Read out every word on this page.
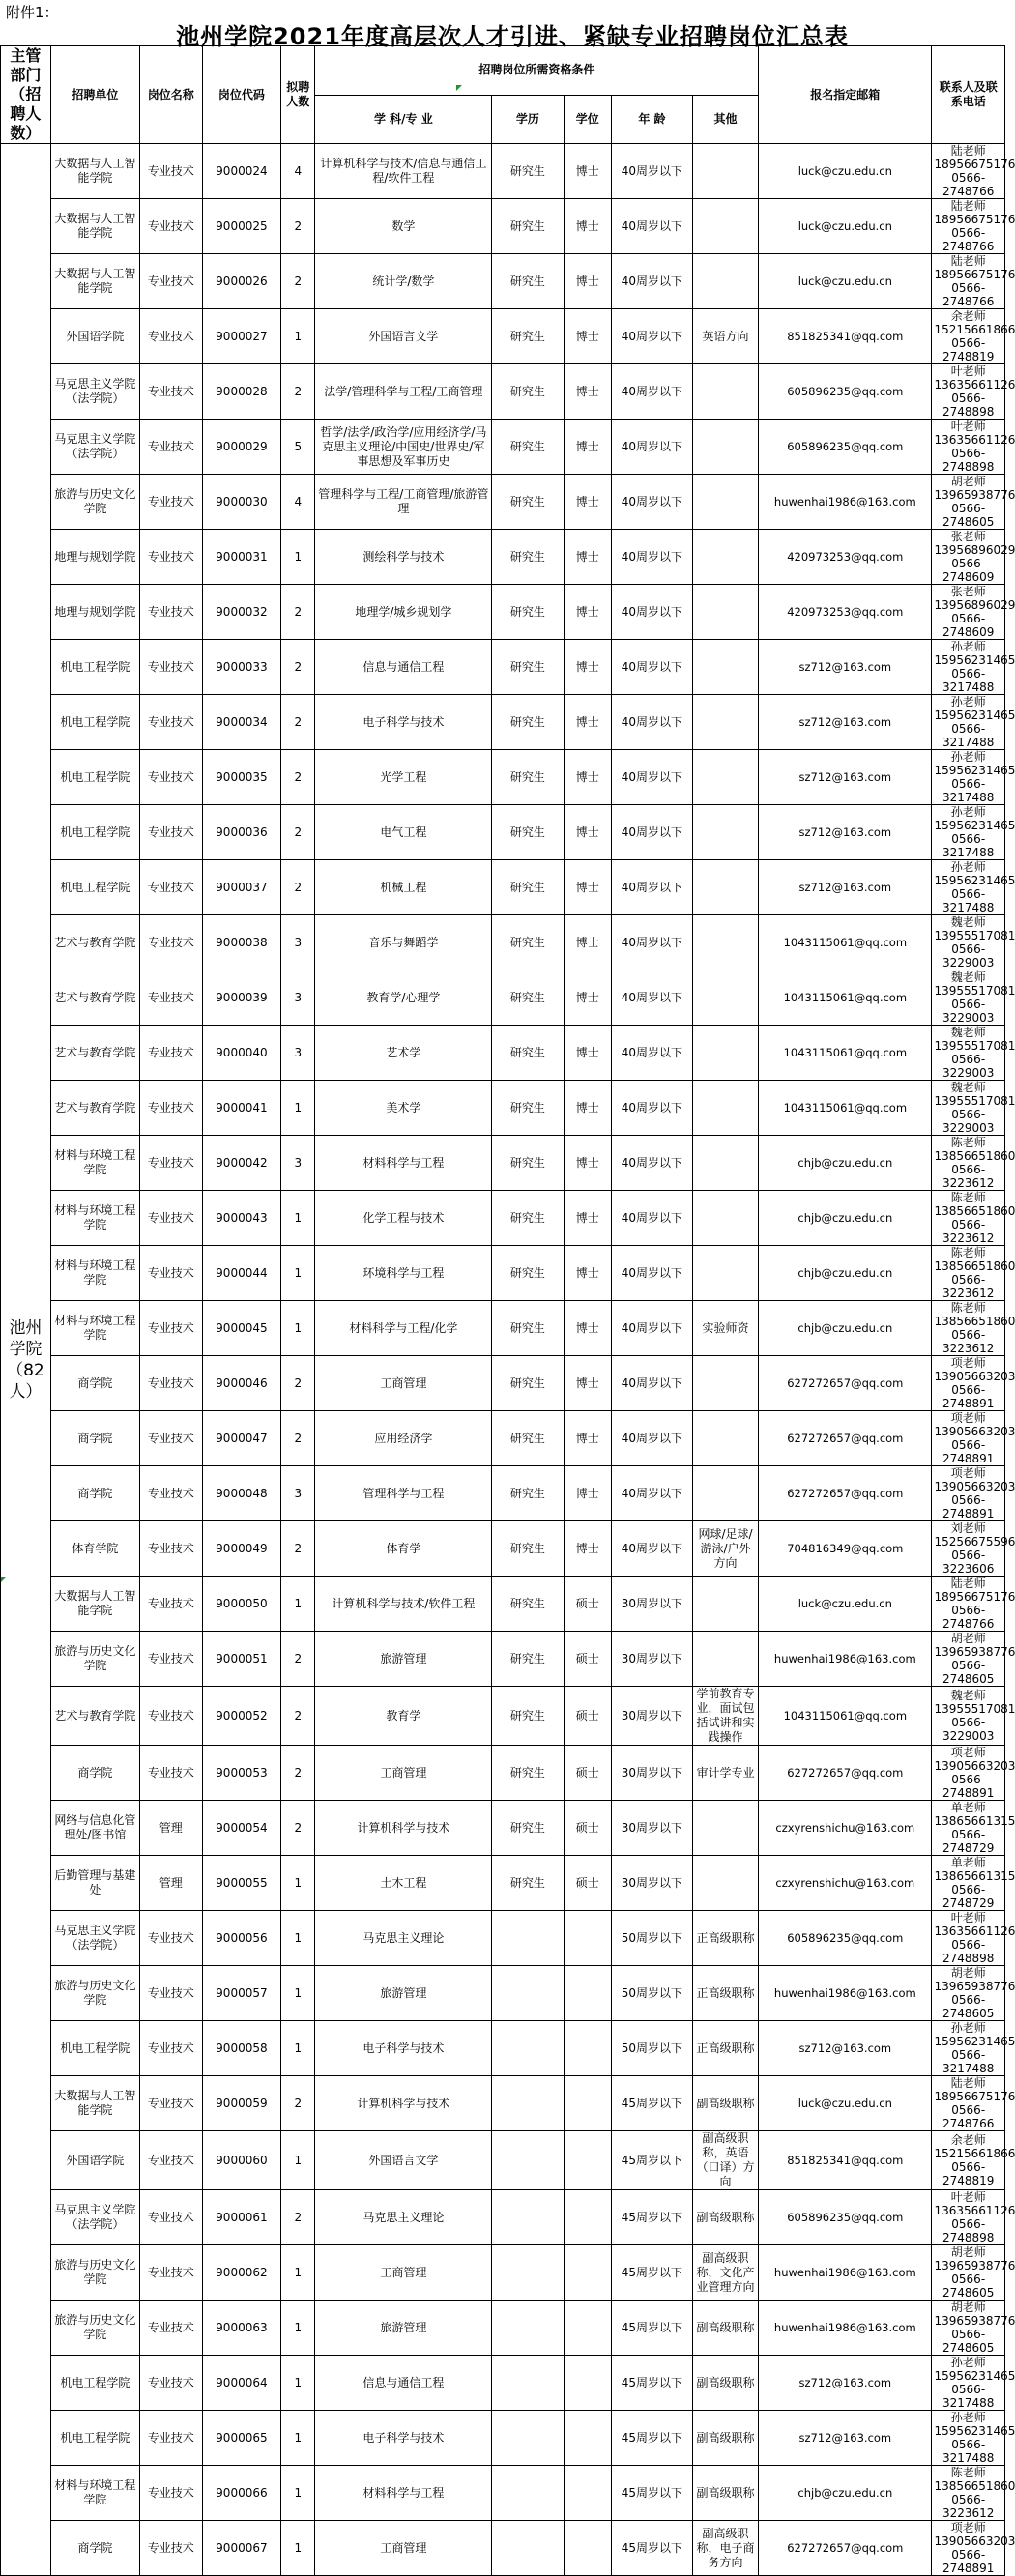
附件1：
池州学院2021年度高层次人才引进、紧缺专业招聘岗位汇总表
主管部门（招聘人数）	招聘单位	岗位名称	岗位代码	拟聘人数	招聘岗位所需资格条件					报名指定邮箱	联系人及联系电话
					学 科/专 业	学历	学位	年 龄	其他		
池州学院（82人）	大数据与人工智能学院	专业技术	9000024	4	计算机科学与技术/信息与通信工程/软件工程	研究生	博士	40周岁以下		luck@czu.edu.cn	陆老师
18956675176
0566-2748766

	大数据与人工智能学院	专业技术	9000025	2	数学	研究生	博士	40周岁以下		luck@czu.edu.cn	陆老师
18956675176
0566-2748766

	大数据与人工智能学院	专业技术	9000026	2	统计学/数学	研究生	博士	40周岁以下		luck@czu.edu.cn	陆老师
18956675176
0566-2748766

	外国语学院	专业技术	9000027	1	外国语言文学	研究生	博士	40周岁以下	英语方向	851825341@qq.com	余老师
15215661866
0566-2748819

	马克思主义学院（法学院）	专业技术	9000028	2	法学/管理科学与工程/工商管理	研究生	博士	40周岁以下		605896235@qq.com	叶老师
13635661126
0566-2748898

	马克思主义学院（法学院）	专业技术	9000029	5	哲学/法学/政治学/应用经济学/马克思主义理论/中国史/世界史/军事思想及军事历史	研究生	博士	40周岁以下		605896235@qq.com	叶老师
13635661126
0566-2748898

	旅游与历史文化学院	专业技术	9000030	4	管理科学与工程/工商管理/旅游管理	研究生	博士	40周岁以下		huwenhai1986@163.com	胡老师
13965938776
0566-2748605

	地理与规划学院	专业技术	9000031	1	测绘科学与技术	研究生	博士	40周岁以下		420973253@qq.com	张老师
13956896029
0566-2748609

	地理与规划学院	专业技术	9000032	2	地理学/城乡规划学	研究生	博士	40周岁以下		420973253@qq.com	张老师
13956896029
0566-2748609

	机电工程学院	专业技术	9000033	2	信息与通信工程	研究生	博士	40周岁以下		sz712@163.com	孙老师
15956231465
0566-3217488

	机电工程学院	专业技术	9000034	2	电子科学与技术	研究生	博士	40周岁以下		sz712@163.com	孙老师
15956231465
0566-3217488

	机电工程学院	专业技术	9000035	2	光学工程	研究生	博士	40周岁以下		sz712@163.com	孙老师
15956231465
0566-3217488

	机电工程学院	专业技术	9000036	2	电气工程	研究生	博士	40周岁以下		sz712@163.com	孙老师
15956231465
0566-3217488

	机电工程学院	专业技术	9000037	2	机械工程	研究生	博士	40周岁以下		sz712@163.com	孙老师
15956231465
0566-3217488

	艺术与教育学院	专业技术	9000038	3	音乐与舞蹈学	研究生	博士	40周岁以下		1043115061@qq.com	魏老师
13955517081
0566-3229003

	艺术与教育学院	专业技术	9000039	3	教育学/心理学	研究生	博士	40周岁以下		1043115061@qq.com	魏老师
13955517081
0566-3229003

	艺术与教育学院	专业技术	9000040	3	艺术学	研究生	博士	40周岁以下		1043115061@qq.com	魏老师
13955517081
0566-3229003

	艺术与教育学院	专业技术	9000041	1	美术学	研究生	博士	40周岁以下		1043115061@qq.com	魏老师
13955517081
0566-3229003

	材料与环境工程学院	专业技术	9000042	3	材料科学与工程	研究生	博士	40周岁以下		chjb@czu.edu.cn	陈老师
13856651860
0566-3223612

	材料与环境工程学院	专业技术	9000043	1	化学工程与技术	研究生	博士	40周岁以下		chjb@czu.edu.cn	陈老师
13856651860
0566-3223612

	材料与环境工程学院	专业技术	9000044	1	环境科学与工程	研究生	博士	40周岁以下		chjb@czu.edu.cn	陈老师
13856651860
0566-3223612

	材料与环境工程学院	专业技术	9000045	1	材料科学与工程/化学	研究生	博士	40周岁以下	实验师资	chjb@czu.edu.cn	陈老师
13856651860
0566-3223612

	商学院	专业技术	9000046	2	工商管理	研究生	博士	40周岁以下		627272657@qq.com	项老师
13905663203
0566-2748891

	商学院	专业技术	9000047	2	应用经济学	研究生	博士	40周岁以下		627272657@qq.com	项老师
13905663203
0566-2748891

	商学院	专业技术	9000048	3	管理科学与工程	研究生	博士	40周岁以下		627272657@qq.com	项老师
13905663203
0566-2748891

	体育学院	专业技术	9000049	2	体育学	研究生	博士	40周岁以下	网球/足球/游泳/户外方向	704816349@qq.com	刘老师
15256675596
0566-3223606

	大数据与人工智能学院	专业技术	9000050	1	计算机科学与技术/软件工程	研究生	硕士	30周岁以下		luck@czu.edu.cn	陆老师
18956675176
0566-2748766

	旅游与历史文化学院	专业技术	9000051	2	旅游管理	研究生	硕士	30周岁以下		huwenhai1986@163.com	胡老师
13965938776
0566-2748605

	艺术与教育学院	专业技术	9000052	2	教育学	研究生	硕士	30周岁以下	学前教育专业，面试包括试讲和实践操作	1043115061@qq.com	魏老师
13955517081
0566-3229003

	商学院	专业技术	9000053	2	工商管理	研究生	硕士	30周岁以下	审计学专业	627272657@qq.com	项老师
13905663203
0566-2748891

	网络与信息化管理处/图书馆	管理	9000054	2	计算机科学与技术	研究生	硕士	30周岁以下		czxyrenshichu@163.com	单老师
13865661315
0566-2748729

	后勤管理与基建处	管理	9000055	1	土木工程	研究生	硕士	30周岁以下		czxyrenshichu@163.com	单老师
13865661315
0566-2748729

	马克思主义学院（法学院）	专业技术	9000056	1	马克思主义理论			50周岁以下	正高级职称	605896235@qq.com	叶老师
13635661126
0566-2748898

	旅游与历史文化学院	专业技术	9000057	1	旅游管理			50周岁以下	正高级职称	huwenhai1986@163.com	胡老师
13965938776
0566-2748605

	机电工程学院	专业技术	9000058	1	电子科学与技术			50周岁以下	正高级职称	sz712@163.com	孙老师
15956231465
0566-3217488

	大数据与人工智能学院	专业技术	9000059	2	计算机科学与技术			45周岁以下	副高级职称	luck@czu.edu.cn	陆老师
18956675176
0566-2748766

	外国语学院	专业技术	9000060	1	外国语言文学			45周岁以下	副高级职称，英语（口译）方向	851825341@qq.com	余老师
15215661866
0566-2748819

	马克思主义学院（法学院）	专业技术	9000061	2	马克思主义理论			45周岁以下	副高级职称	605896235@qq.com	叶老师
13635661126
0566-2748898

	旅游与历史文化学院	专业技术	9000062	1	工商管理			45周岁以下	副高级职称，文化产业管理方向	huwenhai1986@163.com	胡老师
13965938776
0566-2748605

	旅游与历史文化学院	专业技术	9000063	1	旅游管理			45周岁以下	副高级职称	huwenhai1986@163.com	胡老师
13965938776
0566-2748605

	机电工程学院	专业技术	9000064	1	信息与通信工程			45周岁以下	副高级职称	sz712@163.com	孙老师
15956231465
0566-3217488

	机电工程学院	专业技术	9000065	1	电子科学与技术			45周岁以下	副高级职称	sz712@163.com	孙老师
15956231465
0566-3217488

	材料与环境工程学院	专业技术	9000066	1	材料科学与工程			45周岁以下	副高级职称	chjb@czu.edu.cn	陈老师
13856651860
0566-3223612

	商学院	专业技术	9000067	1	工商管理			45周岁以下	副高级职称，电子商务方向	627272657@qq.com	项老师
13905663203
0566-2748891
